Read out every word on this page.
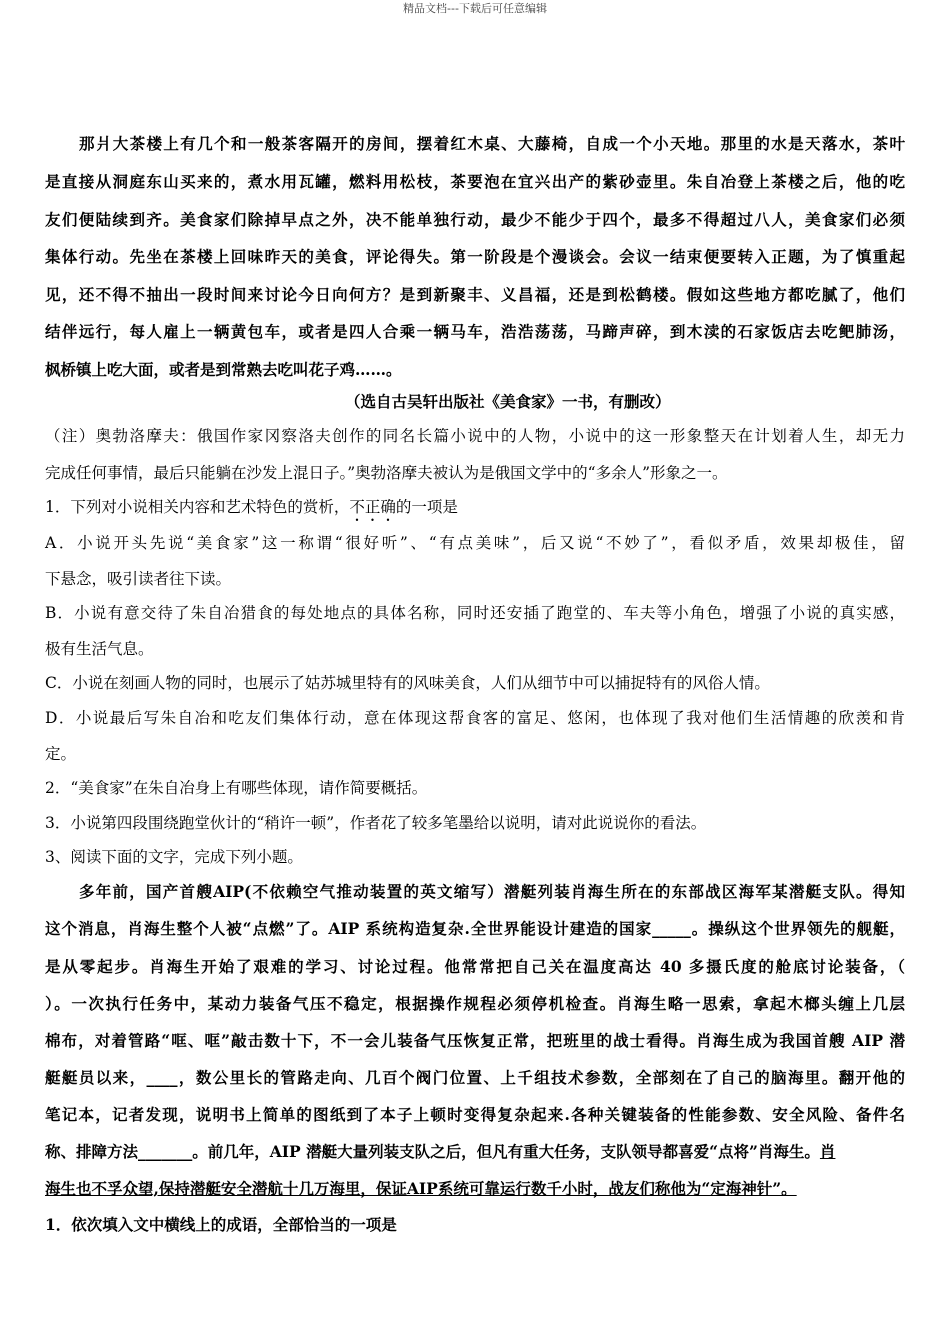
精品文档---下载后可任意编辑
那爿大茶楼上有几个和一般茶客隔开的房间，摆着红木桌、大藤椅，自成一个小天地。那里的水是天落水，茶叶
是直接从洞庭东山买来的，煮水用瓦罐，燃料用松枝，茶要泡在宜兴出产的紫砂壶里。朱自冶登上茶楼之后，他的吃
友们便陆续到齐。美食家们除掉早点之外，决不能单独行动，最少不能少于四个，最多不得超过八人，美食家们必须
集体行动。先坐在茶楼上回味昨天的美食，评论得失。第一阶段是个漫谈会。会议一结束便要转入正题，为了慎重起
见，还不得不抽出一段时间来讨论今日向何方？是到新聚丰、义昌福，还是到松鹤楼。假如这些地方都吃腻了，他们
结伴远行，每人雇上一辆黄包车，或者是四人合乘一辆马车，浩浩荡荡，马蹄声碎，到木渎的石家饭店去吃鲃肺汤，
枫桥镇上吃大面，或者是到常熟去吃叫花子鸡……。
（选自古吴轩出版社《美食家》一书，有删改）
（注）奥勃洛摩夫：俄国作家冈察洛夫创作的同名长篇小说中的人物，小说中的这一形象整天在计划着人生，却无力
完成任何事情，最后只能躺在沙发上混日子。”奥勃洛摩夫被认为是俄国文学中的“多余人”形象之一。
1．下列对小说相关内容和艺术特色的赏析，不正确的一项是
A．小说开头先说“美食家”这一称谓“很好听”、“有点美味”，后又说“不妙了”，看似矛盾，效果却极佳，留
下悬念，吸引读者往下读。
B．小说有意交待了朱自冶猎食的每处地点的具体名称，同时还安插了跑堂的、车夫等小角色，增强了小说的真实感，
极有生活气息。
C．小说在刻画人物的同时，也展示了姑苏城里特有的风味美食，人们从细节中可以捕捉特有的风俗人情。
D．小说最后写朱自冶和吃友们集体行动，意在体现这帮食客的富足、悠闲，也体现了我对他们生活情趣的欣羡和肯
定。
2．“美食家”在朱自冶身上有哪些体现，请作简要概括。
3．小说第四段围绕跑堂伙计的“稍许一顿”，作者花了较多笔墨给以说明，请对此说说你的看法。
3、阅读下面的文字，完成下列小题。
多年前，国产首艘AIP(不依赖空气推动装置的英文缩写）潜艇列装肖海生所在的东部战区海军某潜艇支队。得知
这个消息，肖海生整个人被“点燃”了。AIP 系统构造复杂.全世界能设计建造的国家_____。操纵这个世界领先的舰艇，
是从零起步。肖海生开始了艰难的学习、讨论过程。他常常把自己关在温度高达 40 多摄氏度的舱底讨论装备，（
）。一次执行任务中，某动力装备气压不稳定，根据操作规程必须停机检查。肖海生略一思索，拿起木榔头缠上几层
棉布，对着管路“哐、哐”敲击数十下，不一会儿装备气压恢复正常，把班里的战士看得。肖海生成为我国首艘 AIP 潜
艇艇员以来，____，数公里长的管路走向、几百个阀门位置、上千组技术参数，全部刻在了自己的脑海里。翻开他的
笔记本，记者发现，说明书上简单的图纸到了本子上顿时变得复杂起来.各种关键装备的性能参数、安全风险、备件名
称、排障方法_______。前几年，AIP 潜艇大量列装支队之后，但凡有重大任务，支队领导都喜爱“点将”肖海生。肖
海生也不孚众望,保持潜艇安全潜航十几万海里，保证AIP系统可靠运行数千小时，战友们称他为“定海神针”。
1．依次填入文中横线上的成语，全部恰当的一项是
